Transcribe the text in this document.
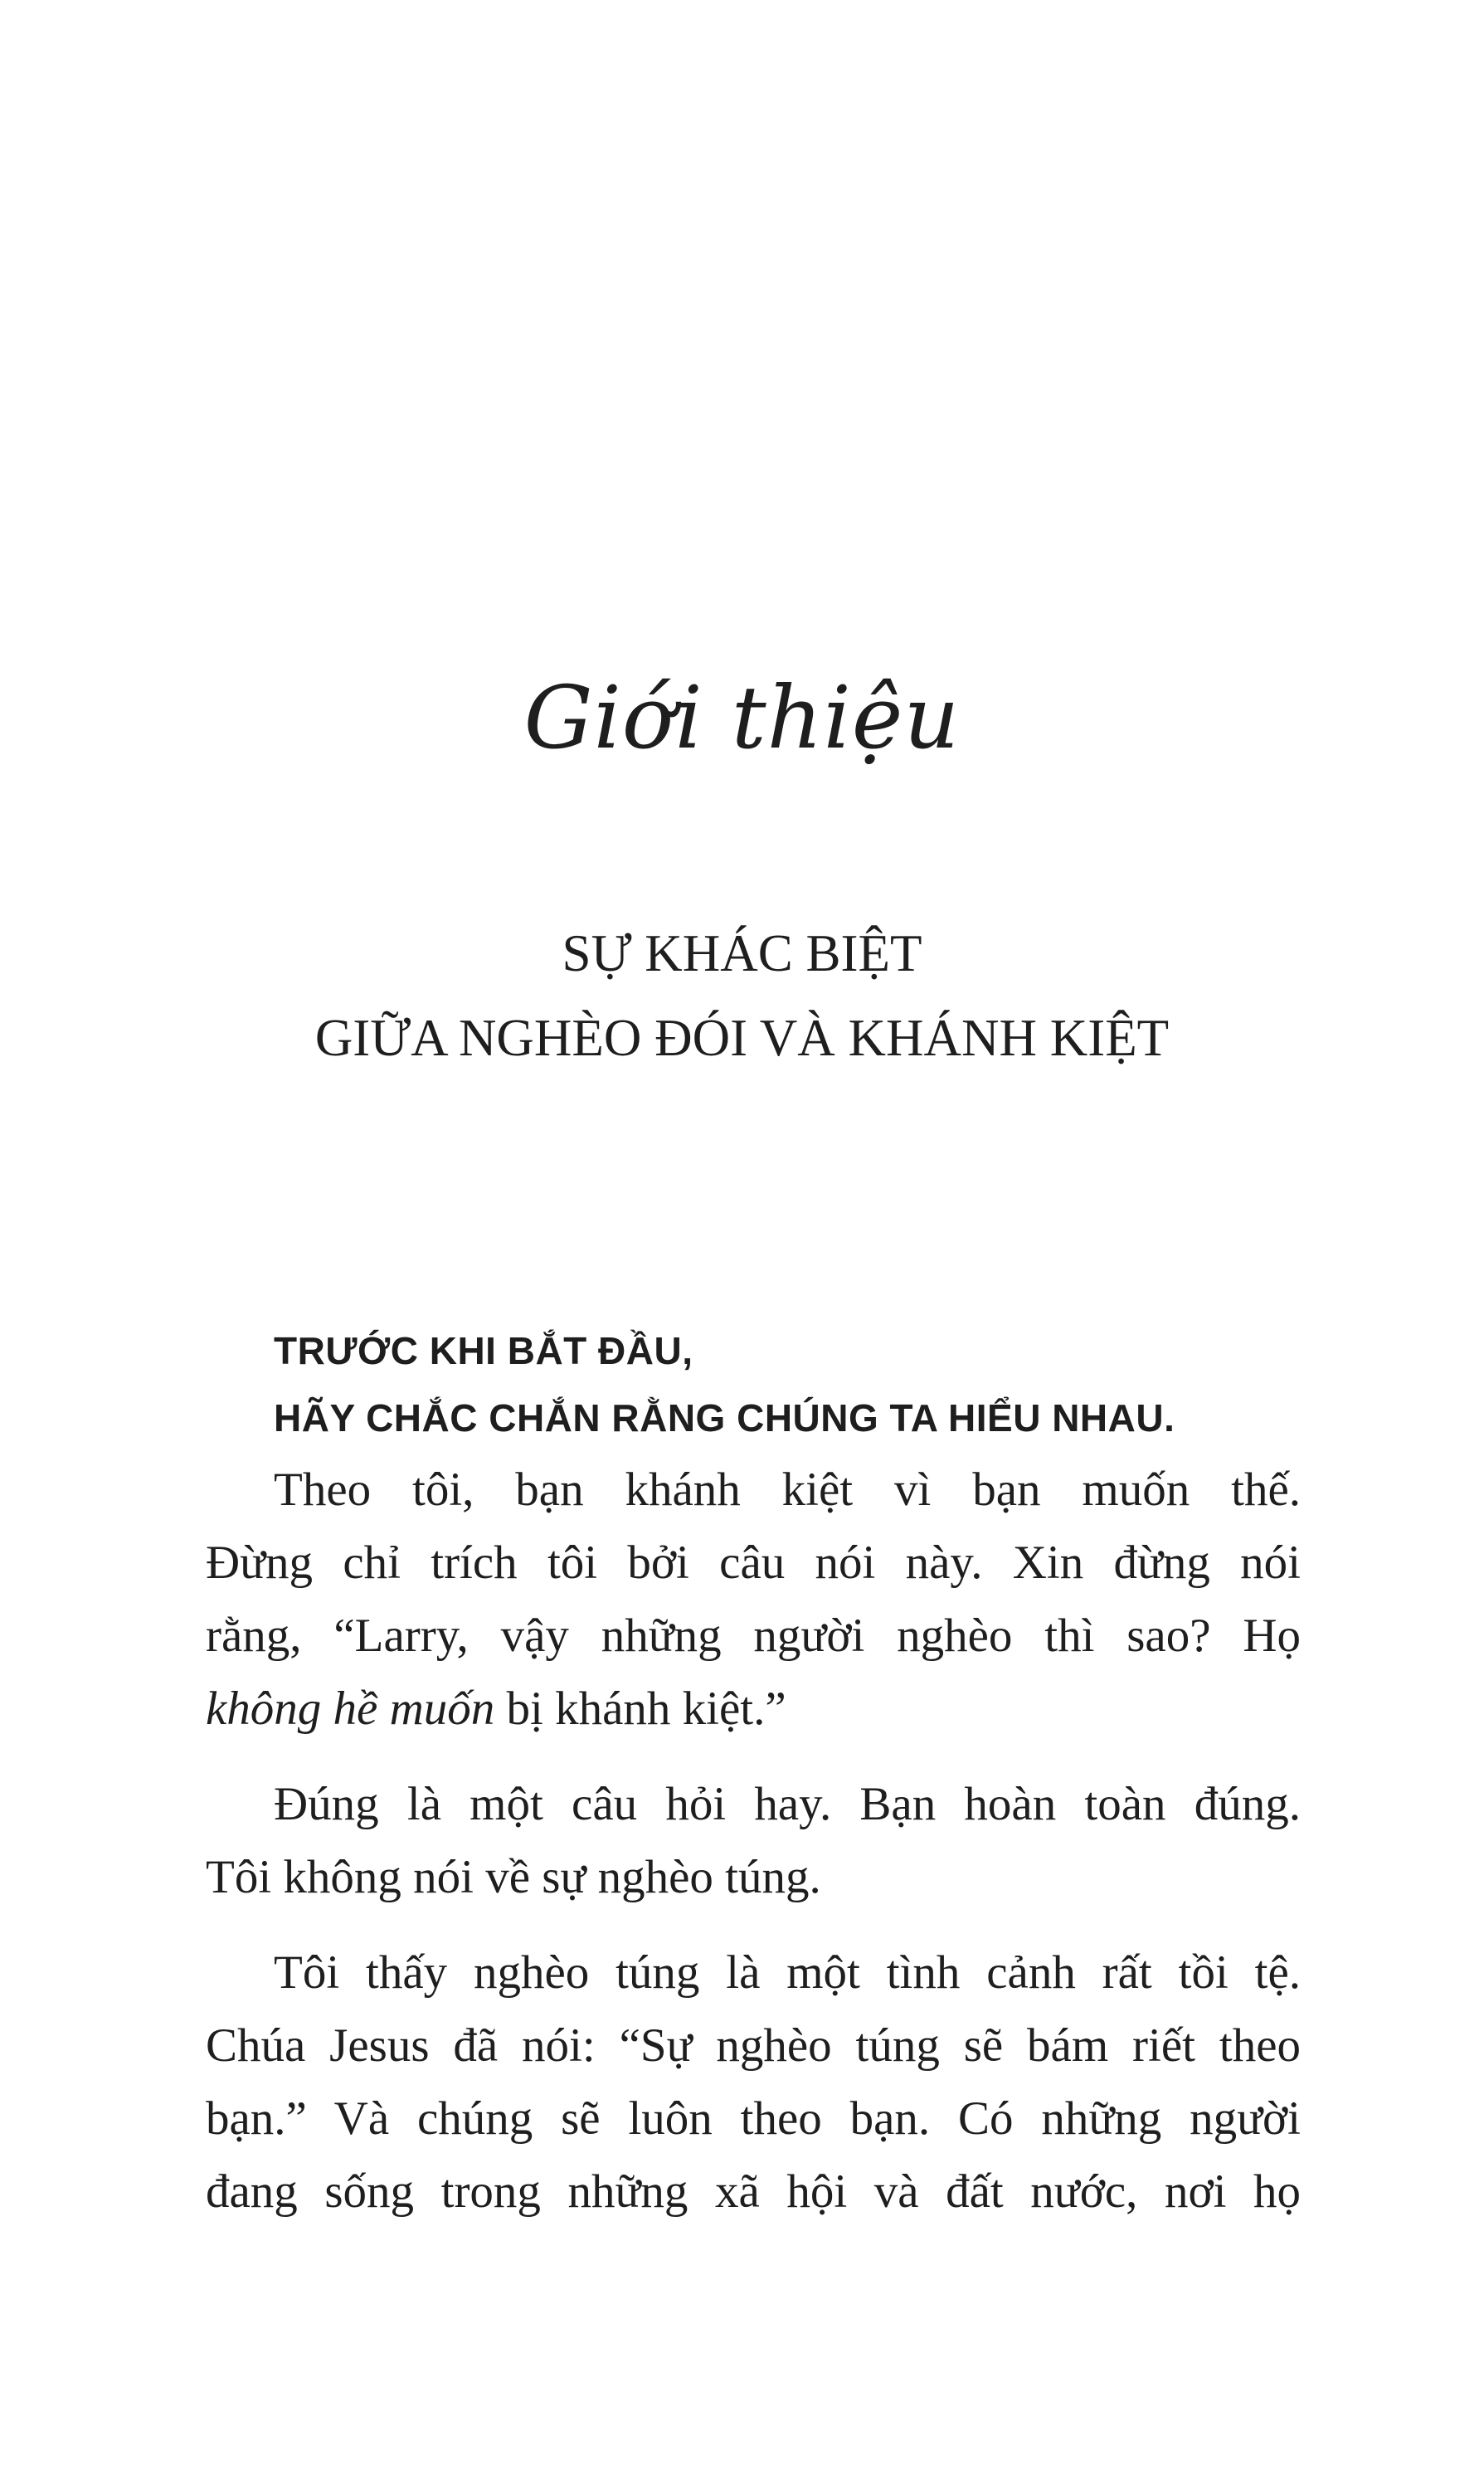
Giới thiệu
SỰ KHÁC BIỆT
GIỮA NGHÈO ĐÓI VÀ KHÁNH KIỆT
TRƯỚC KHI BẮT ĐẦU,
HÃY CHẮC CHẮN RẰNG CHÚNG TA HIỂU NHAU.

Theo tôi, bạn khánh kiệt vì bạn muốn thế.
Đừng chỉ trích tôi bởi câu nói này. Xin đừng nói
rằng, “Larry, vậy những người nghèo thì sao? Họ
không hề muốn bị khánh kiệt.”

Đúng là một câu hỏi hay. Bạn hoàn toàn đúng.
Tôi không nói về sự nghèo túng.

Tôi thấy nghèo túng là một tình cảnh rất tồi tệ.
Chúa Jesus đã nói: “Sự nghèo túng sẽ bám riết theo
bạn.” Và chúng sẽ luôn theo bạn. Có những người
đang sống trong những xã hội và đất nước, nơi họ
